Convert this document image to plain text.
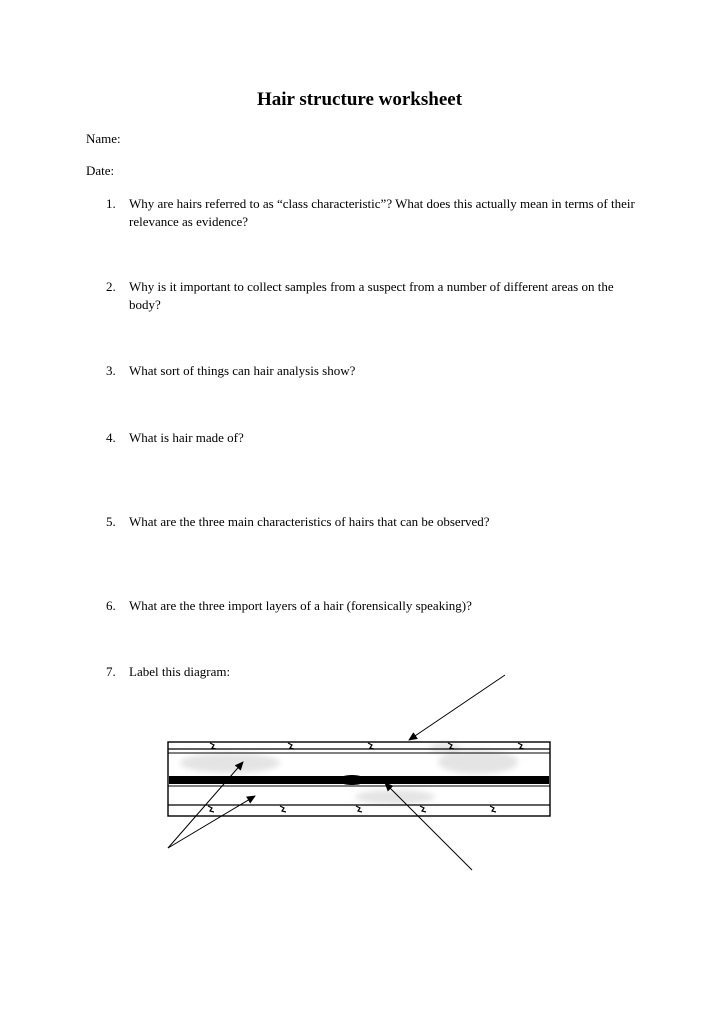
Hair structure worksheet
Name:
Date:
1.	Why are hairs referred to as “class characteristic”? What does this actually mean in terms of their relevance as evidence?
2.	Why is it important to collect samples from a suspect from a number of different areas on the body?
3.	What sort of things can hair analysis show?
4.	What is hair made of?
5.	What are the three main characteristics of hairs that can be observed?
6.	What are the three import layers of a hair (forensically speaking)?
7.	Label this diagram:
